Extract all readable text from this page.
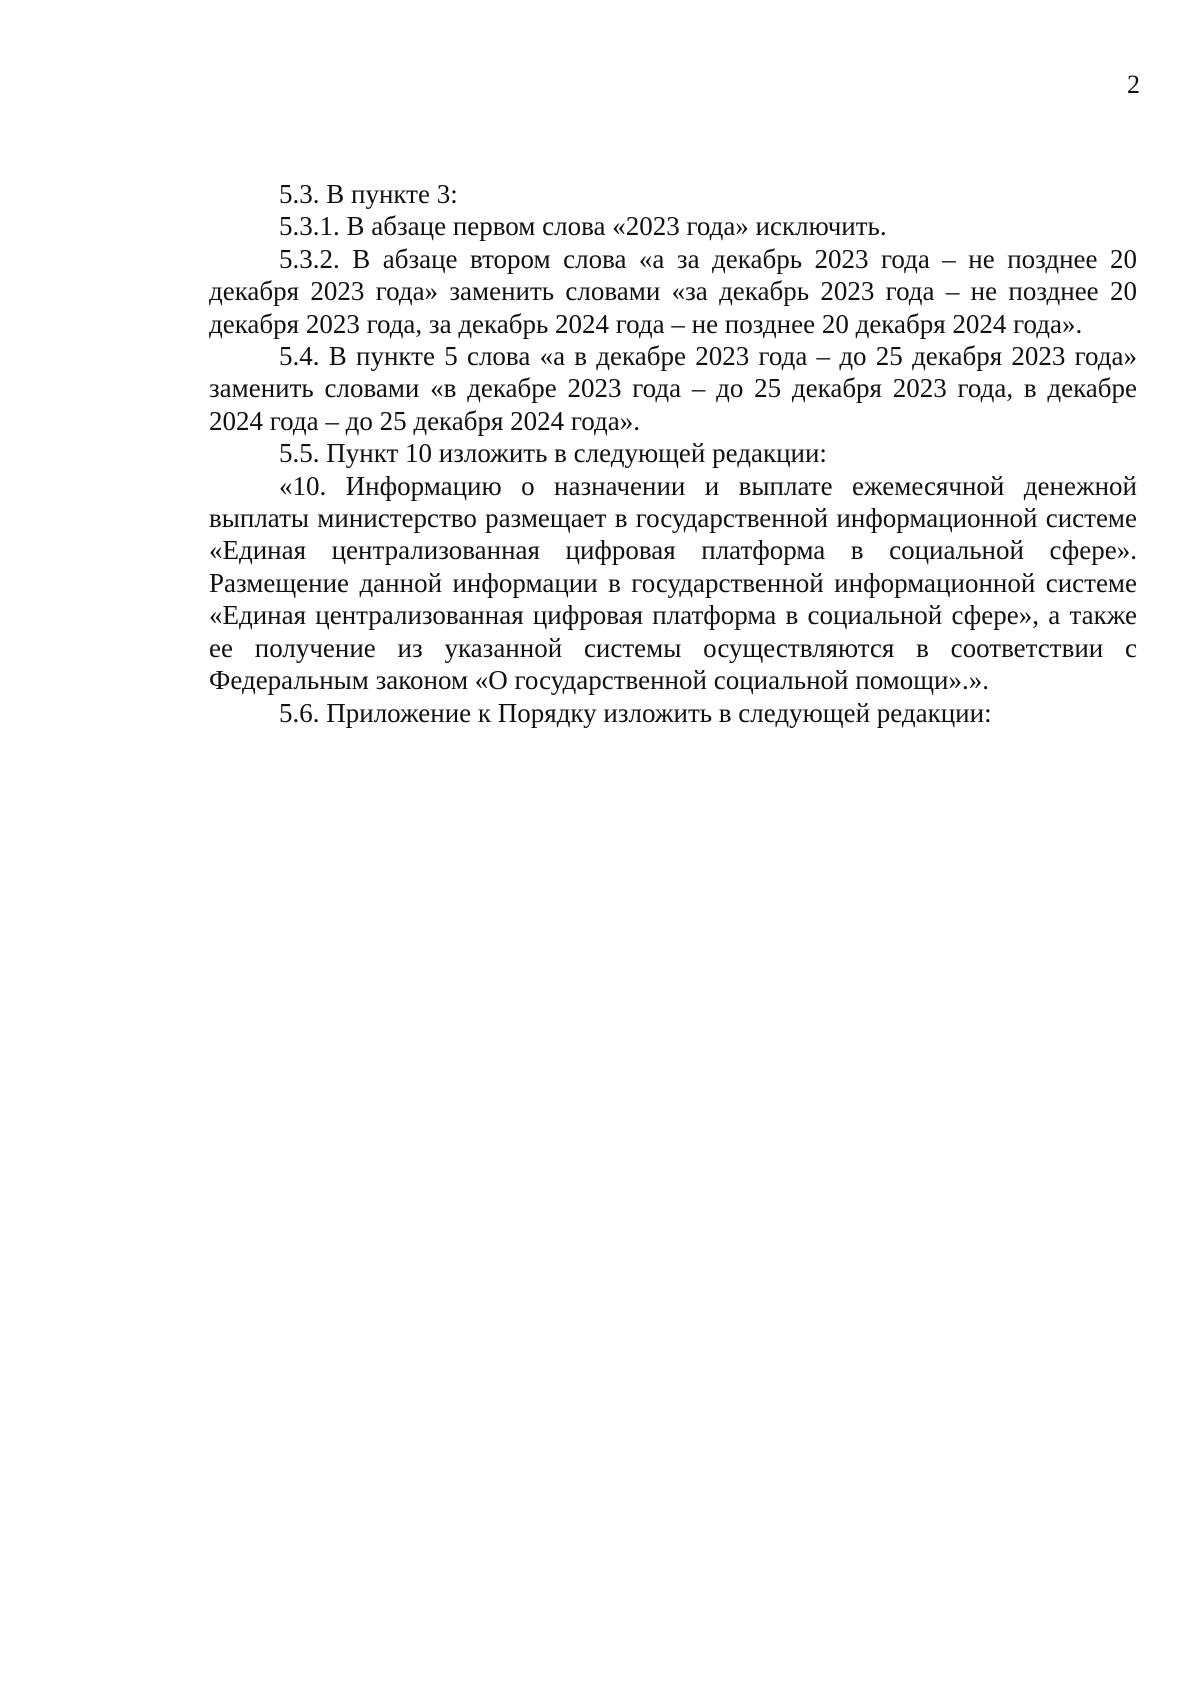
2

5.3. В пункте 3:

5.3.1. В абзаце первом слова «2023 года» исключить.

5.3.2. В абзаце втором слова «а за декабрь 2023 года – не позднее 20 декабря 2023 года» заменить словами «за декабрь 2023 года – не позднее 20 декабря 2023 года, за декабрь 2024 года – не позднее 20 декабря 2024 года».

5.4. В пункте 5 слова «а в декабре 2023 года – до 25 декабря 2023 года» заменить словами «в декабре 2023 года – до 25 декабря 2023 года, в декабре 2024 года – до 25 декабря 2024 года».

5.5. Пункт 10 изложить в следующей редакции:

«10. Информацию о назначении и выплате ежемесячной денежной выплаты министерство размещает в государственной информационной системе «Единая централизованная цифровая платформа в социальной сфере». Размещение данной информации в государственной информационной системе «Единая централизованная цифровая платформа в социальной сфере», а также ее получение из указанной системы осуществляются в соответствии с Федеральным законом «О государственной социальной помощи».».

5.6. Приложение к Порядку изложить в следующей редакции:
